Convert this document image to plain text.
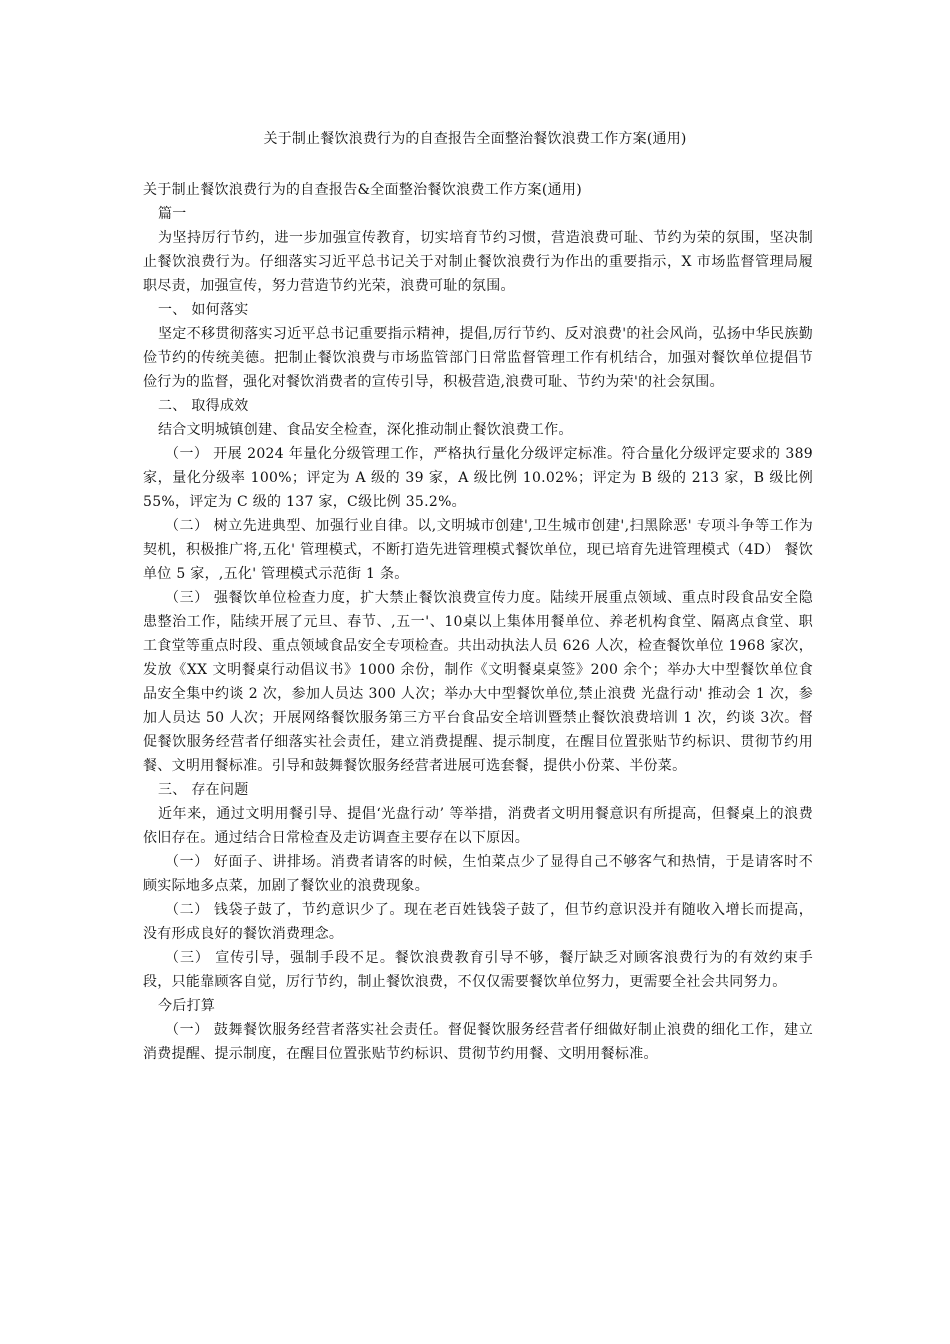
关于制止餐饮浪费行为的自查报告全面整治餐饮浪费工作方案(通用)

关于制止餐饮浪费行为的自查报告&全面整治餐饮浪费工作方案(通用)

篇一

为坚持厉行节约，进一步加强宣传教育，切实培育节约习惯，营造浪费可耻、节约为荣的氛围，坚决制止餐饮浪费行为。仔细落实习近平总书记关于对制止餐饮浪费行为作出的重要指示，X 市场监督管理局履职尽责，加强宣传，努力营造节约光荣，浪费可耻的氛围。

一、 如何落实

坚定不移贯彻落实习近平总书记重要指示精神，提倡,厉行节约、反对浪费'的社会风尚，弘扬中华民族勤俭节约的传统美德。把制止餐饮浪费与市场监管部门日常监督管理工作有机结合，加强对餐饮单位提倡节俭行为的监督，强化对餐饮消费者的宣传引导，积极营造,浪费可耻、节约为荣'的社会氛围。

二、 取得成效

结合文明城镇创建、食品安全检查，深化推动制止餐饮浪费工作。

（一） 开展 2024 年量化分级管理工作，严格执行量化分级评定标准。符合量化分级评定要求的 389 家，量化分级率 100%；评定为 A 级的 39 家，A 级比例 10.02%；评定为 B 级的 213 家，B 级比例 55%，评定为 C 级的 137 家，C级比例 35.2%。

（二） 树立先进典型、加强行业自律。以,文明城市创建',卫生城市创建',扫黑除恶' 专项斗争等工作为契机，积极推广将,五化' 管理模式，不断打造先进管理模式餐饮单位，现已培育先进管理模式（4D） 餐饮单位 5 家，,五化' 管理模式示范街 1 条。

（三） 强餐饮单位检查力度，扩大禁止餐饮浪费宣传力度。陆续开展重点领域、重点时段食品安全隐患整治工作，陆续开展了元旦、春节、,五一'、10桌以上集体用餐单位、养老机构食堂、隔离点食堂、职工食堂等重点时段、重点领域食品安全专项检查。共出动执法人员 626 人次，检查餐饮单位 1968 家次，发放《XX 文明餐桌行动倡议书》1000 余份，制作《文明餐桌桌签》200 余个；举办大中型餐饮单位食品安全集中约谈 2 次，参加人员达 300 人次；举办大中型餐饮单位,禁止浪费 光盘行动' 推动会 1 次，参加人员达 50 人次；开展网络餐饮服务第三方平台食品安全培训暨禁止餐饮浪费培训 1 次，约谈 3次。督促餐饮服务经营者仔细落实社会责任，建立消费提醒、提示制度，在醒目位置张贴节约标识、贯彻节约用餐、文明用餐标准。引导和鼓舞餐饮服务经营者进展可选套餐，提供小份菜、半份菜。

三、 存在问题

近年来，通过文明用餐引导、提倡‘光盘行动’ 等举措，消费者文明用餐意识有所提高，但餐桌上的浪费依旧存在。通过结合日常检查及走访调查主要存在以下原因。

（一） 好面子、讲排场。消费者请客的时候，生怕菜点少了显得自己不够客气和热情，于是请客时不顾实际地多点菜，加剧了餐饮业的浪费现象。

（二） 钱袋子鼓了，节约意识少了。现在老百姓钱袋子鼓了，但节约意识没并有随收入增长而提高，没有形成良好的餐饮消费理念。

（三） 宣传引导，强制手段不足。餐饮浪费教育引导不够，餐厅缺乏对顾客浪费行为的有效约束手段，只能靠顾客自觉，厉行节约，制止餐饮浪费，不仅仅需要餐饮单位努力，更需要全社会共同努力。

今后打算

（一） 鼓舞餐饮服务经营者落实社会责任。督促餐饮服务经营者仔细做好制止浪费的细化工作，建立消费提醒、提示制度，在醒目位置张贴节约标识、贯彻节约用餐、文明用餐标准。
